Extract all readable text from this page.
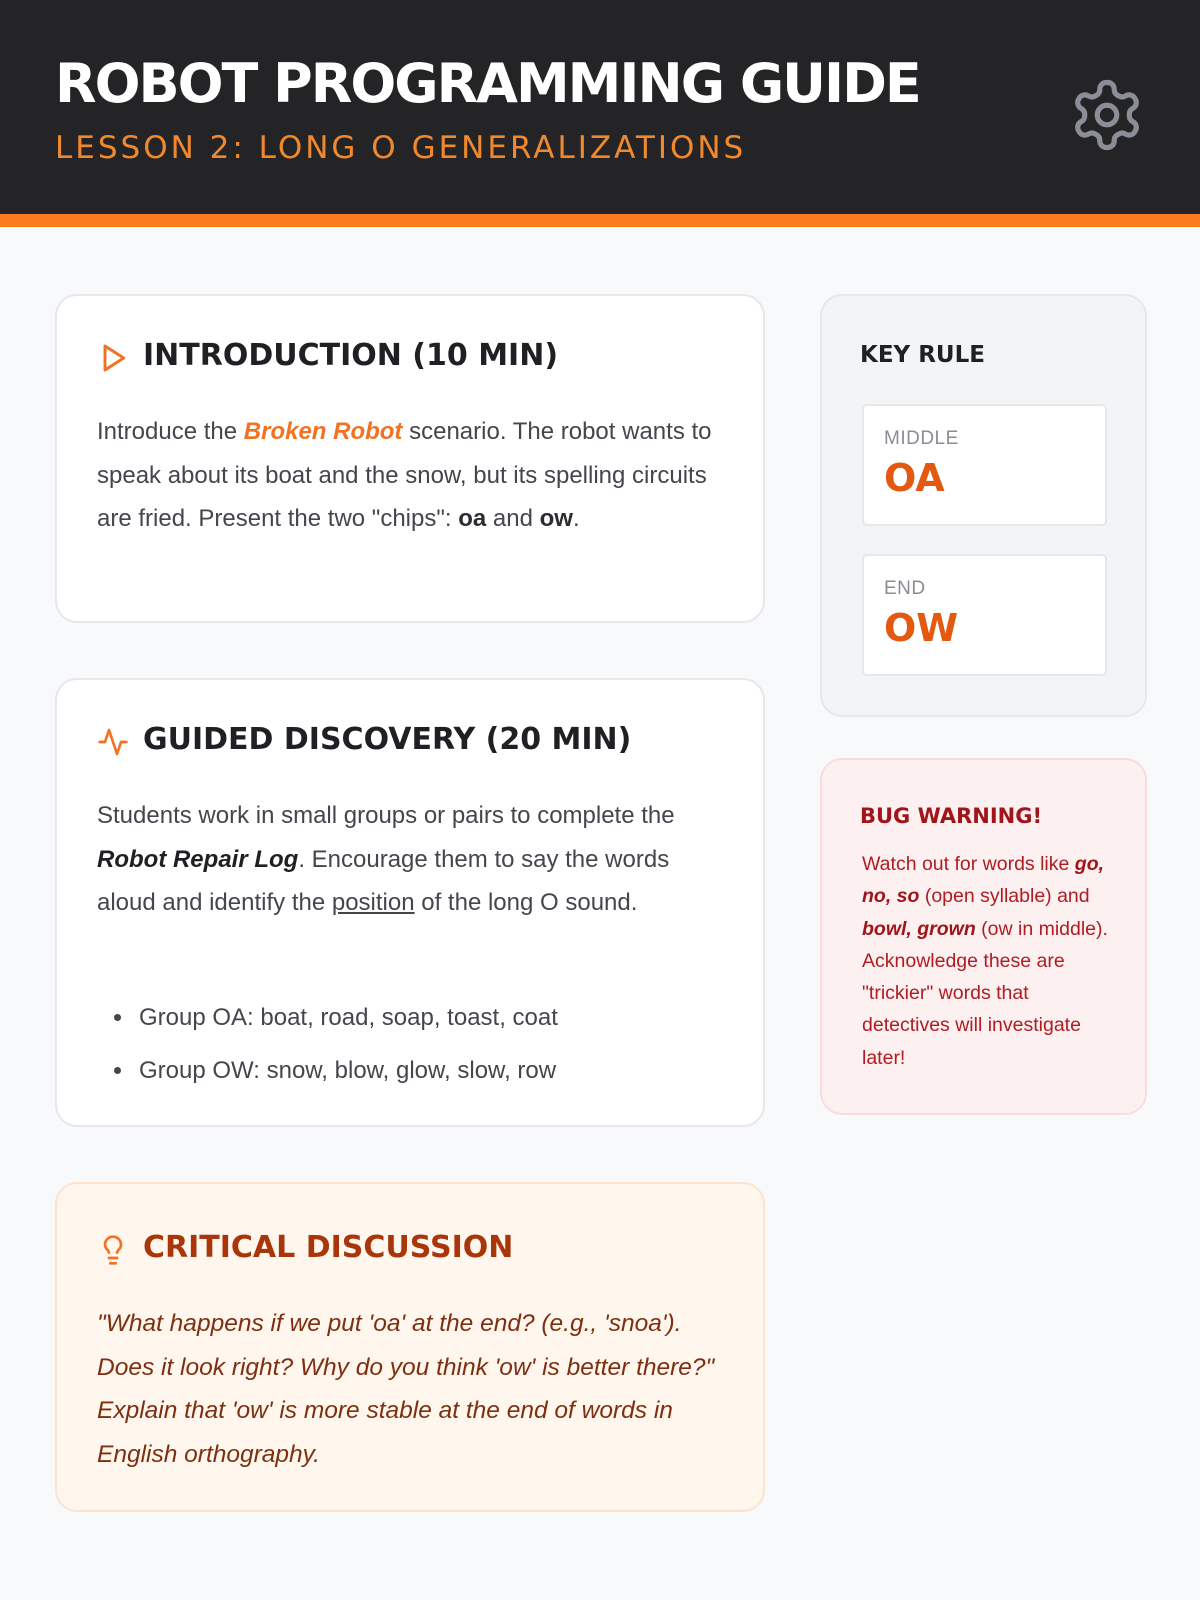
ROBOT PROGRAMMING GUIDE
LESSON 2: LONG O GENERALIZATIONS
INTRODUCTION (10 MIN)

Introduce the Broken Robot scenario. The robot wants to speak about its boat and the snow, but its spelling circuits are fried. Present the two "chips": oa and ow.

GUIDED DISCOVERY (20 MIN)

Students work in small groups or pairs to complete the Robot Repair Log. Encourage them to say the words aloud and identify the position of the long O sound.

• Group OA: boat, road, soap, toast, coat
• Group OW: snow, blow, glow, slow, row
CRITICAL DISCUSSION

"What happens if we put 'oa' at the end? (e.g., 'snoa'). Does it look right? Why do you think 'ow' is better there?" Explain that 'ow' is more stable at the end of words in English orthography.

KEY RULE
MIDDLE
OA
END
OW
BUG WARNING!

Watch out for words like go, no, so (open syllable) and bowl, grown (ow in middle). Acknowledge these are "trickier" words that detectives will investigate later!
